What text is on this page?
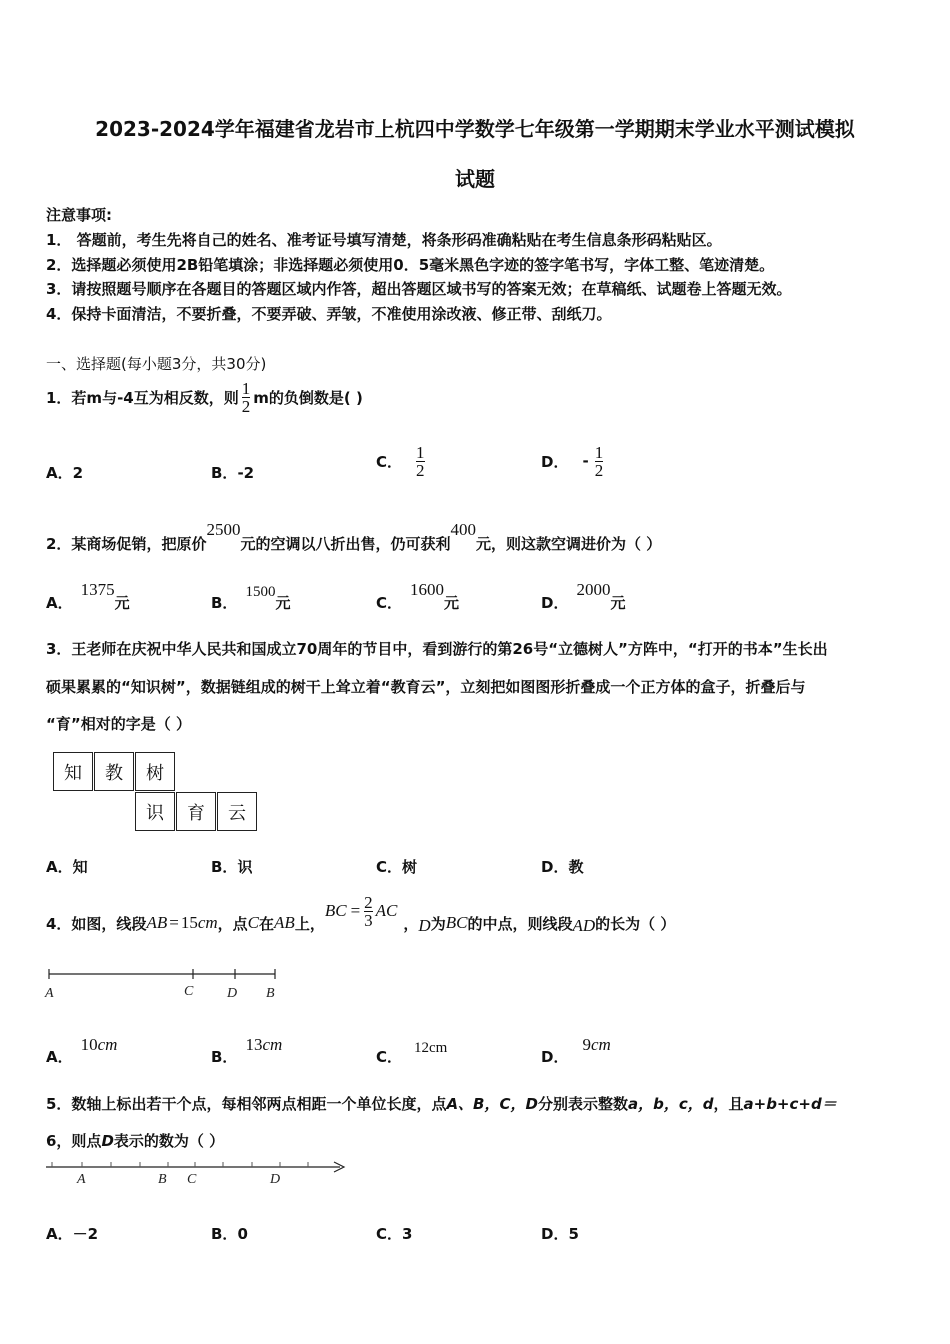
2023-2024学年福建省龙岩市上杭四中学数学七年级第一学期期末学业水平测试模拟
试题
注意事项:
1． 答题前，考生先将自己的姓名、准考证号填写清楚，将条形码准确粘贴在考生信息条形码粘贴区。
2．选择题必须使用2B铅笔填涂；非选择题必须使用0．5毫米黑色字迹的签字笔书写，字体工整、笔迹清楚。
3．请按照题号顺序在各题目的答题区域内作答，超出答题区域书写的答案无效；在草稿纸、试题卷上答题无效。
4．保持卡面清洁，不要折叠，不要弄破、弄皱，不准使用涂改液、修正带、刮纸刀。
一、选择题(每小题3分，共30分)
1．若m与-4互为相反数，则 $\frac{1}{2}$ m的负倒数是( )
A．2	B．-2
C． $\frac{1}{2}$	D． - $\frac{1}{2}$
2．某商场促销，把原价2500元的空调以八折出售，仍可获利400元，则这款空调进价为（ ）
A．1375元	B．1500元	C．1600元	D．2000元
3．王老师在庆祝中华人民共和国成立70周年的节目中，看到游行的第26号“立德树人”方阵中，“打开的书本”生长出
硕果累累的“知识树”，数据链组成的树干上耸立着“教育云”，立刻把如图图形折叠成一个正方体的盒子，折叠后与
“育”相对的字是（ ）
知	教	树
识	育	云
A．知	B．识	C．树	D．教
4．如图，线段 AB = 15 cm ，点 C 在 AB 上，
BC = $\frac{2}{3}$ AC
， D 为 BC 的中点，则线段 AD 的长为（ ）
A	C D B
A．10cm
B．13cm
C． 12cm	D．9cm
5．数轴上标出若干个点，每相邻两点相距一个单位长度，点A、B，C，D分别表示整数a，b，c，d，且a+b+c+d＝
6，则点D表示的数为（ ）
A	B C	D
A．－2	B．0	C．3	D．5
